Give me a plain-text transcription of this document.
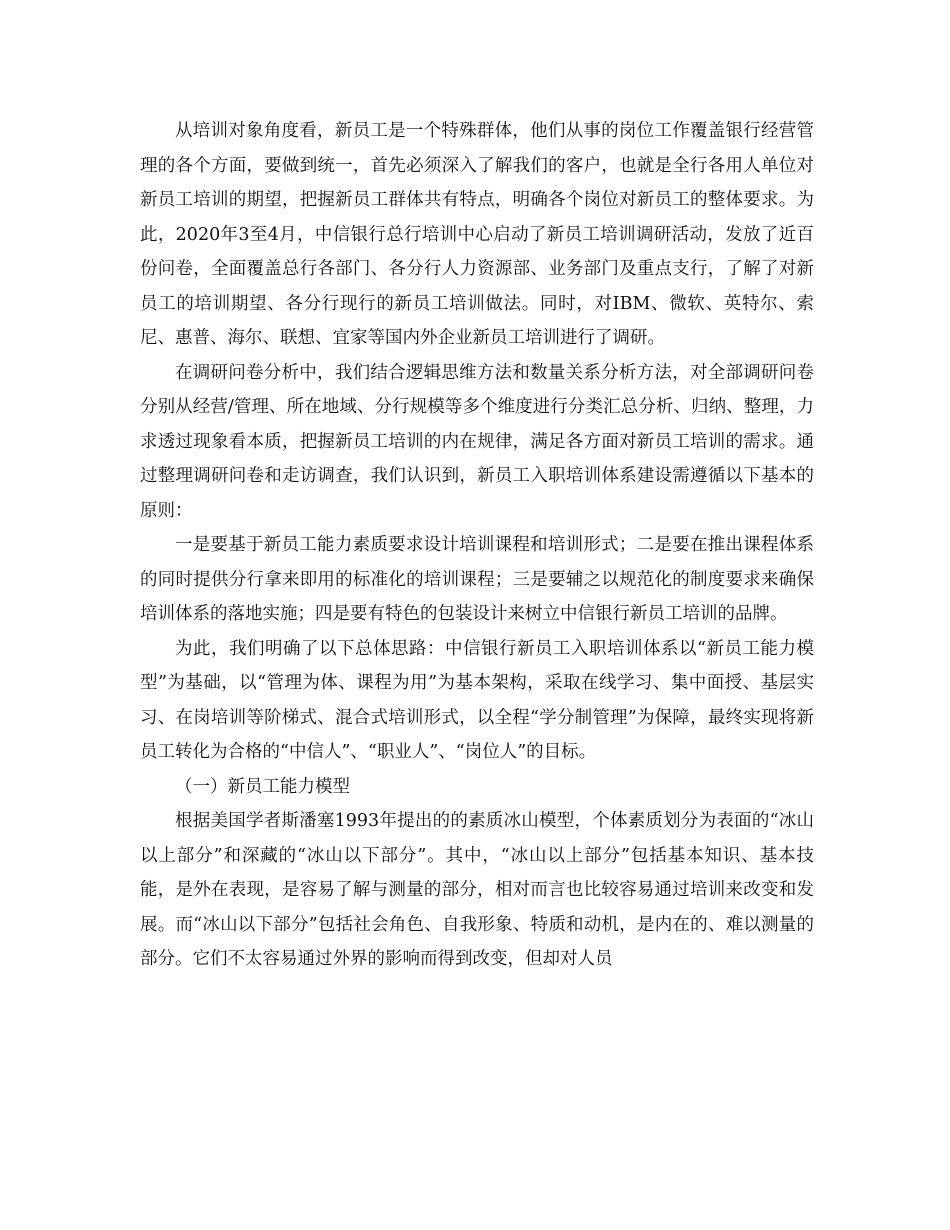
从培训对象角度看，新员工是一个特殊群体，他们从事的岗位工作覆盖银行经营管理的各个方面，要做到统一，首先必须深入了解我们的客户，也就是全行各用人单位对新员工培训的期望，把握新员工群体共有特点，明确各个岗位对新员工的整体要求。为此，2020年3至4月，中信银行总行培训中心启动了新员工培训调研活动，发放了近百份问卷，全面覆盖总行各部门、各分行人力资源部、业务部门及重点支行，了解了对新员工的培训期望、各分行现行的新员工培训做法。同时，对IBM、微软、英特尔、索尼、惠普、海尔、联想、宜家等国内外企业新员工培训进行了调研。

在调研问卷分析中，我们结合逻辑思维方法和数量关系分析方法，对全部调研问卷分别从经营/管理、所在地域、分行规模等多个维度进行分类汇总分析、归纳、整理，力求透过现象看本质，把握新员工培训的内在规律，满足各方面对新员工培训的需求。通过整理调研问卷和走访调查，我们认识到，新员工入职培训体系建设需遵循以下基本的原则：

一是要基于新员工能力素质要求设计培训课程和培训形式；二是要在推出课程体系的同时提供分行拿来即用的标准化的培训课程；三是要辅之以规范化的制度要求来确保培训体系的落地实施；四是要有特色的包装设计来树立中信银行新员工培训的品牌。

为此，我们明确了以下总体思路：中信银行新员工入职培训体系以“新员工能力模型”为基础，以“管理为体、课程为用”为基本架构，采取在线学习、集中面授、基层实习、在岗培训等阶梯式、混合式培训形式，以全程“学分制管理”为保障，最终实现将新员工转化为合格的“中信人”、“职业人”、“岗位人”的目标。

（一）新员工能力模型

根据美国学者斯潘塞1993年提出的的素质冰山模型，个体素质划分为表面的“冰山以上部分”和深藏的“冰山以下部分”。其中，“冰山以上部分”包括基本知识、基本技能，是外在表现，是容易了解与测量的部分，相对而言也比较容易通过培训来改变和发展。而“冰山以下部分”包括社会角色、自我形象、特质和动机，是内在的、难以测量的部分。它们不太容易通过外界的影响而得到改变，但却对人员
